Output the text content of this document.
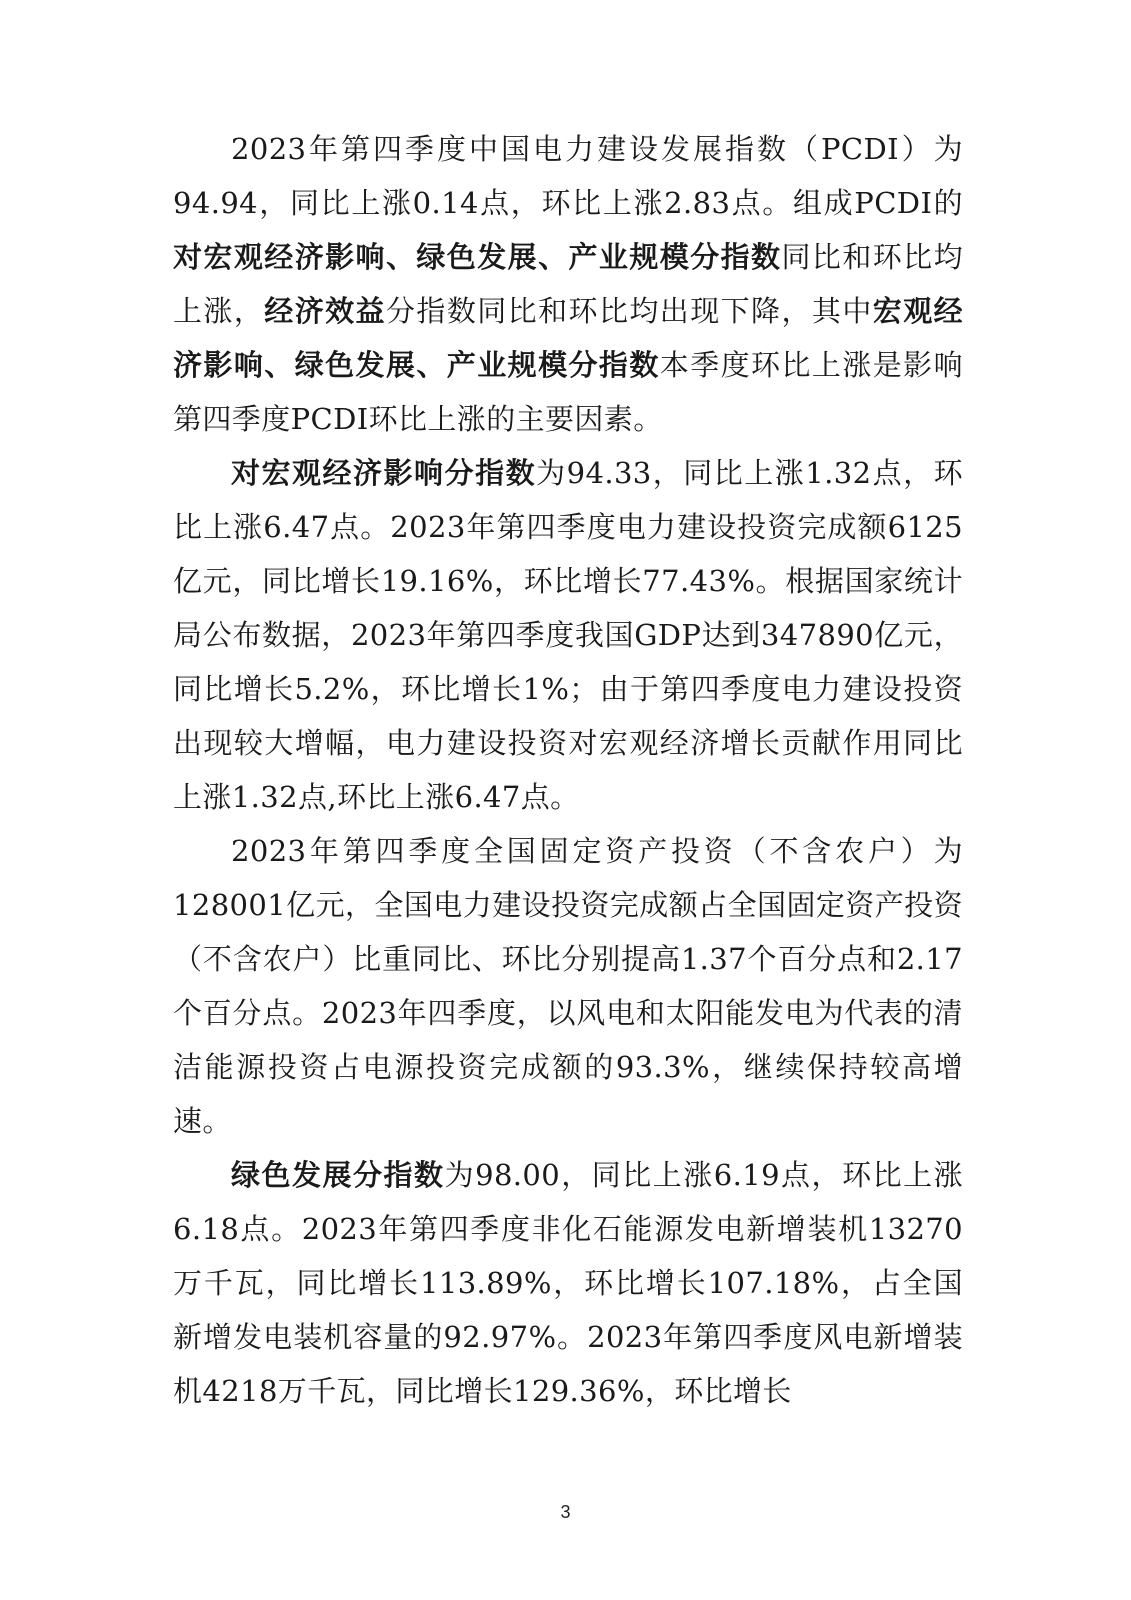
2023年第四季度中国电力建设发展指数（PCDI）为94.94，同比上涨0.14点，环比上涨2.83点。组成PCDI的对宏观经济影响、绿色发展、产业规模分指数同比和环比均上涨，经济效益分指数同比和环比均出现下降，其中宏观经济影响、绿色发展、产业规模分指数本季度环比上涨是影响第四季度PCDI环比上涨的主要因素。

对宏观经济影响分指数为94.33，同比上涨1.32点，环比上涨6.47点。2023年第四季度电力建设投资完成额6125亿元，同比增长19.16%，环比增长77.43%。根据国家统计局公布数据，2023年第四季度我国GDP达到347890亿元，同比增长5.2%，环比增长1%；由于第四季度电力建设投资出现较大增幅，电力建设投资对宏观经济增长贡献作用同比上涨1.32点,环比上涨6.47点。

2023年第四季度全国固定资产投资（不含农户）为128001亿元，全国电力建设投资完成额占全国固定资产投资（不含农户）比重同比、环比分别提高1.37个百分点和2.17个百分点。2023年四季度，以风电和太阳能发电为代表的清洁能源投资占电源投资完成额的93.3%，继续保持较高增速。

绿色发展分指数为98.00，同比上涨6.19点，环比上涨6.18点。2023年第四季度非化石能源发电新增装机13270万千瓦，同比增长113.89%，环比增长107.18%，占全国新增发电装机容量的92.97%。2023年第四季度风电新增装机4218万千瓦，同比增长129.36%，环比增长

3
